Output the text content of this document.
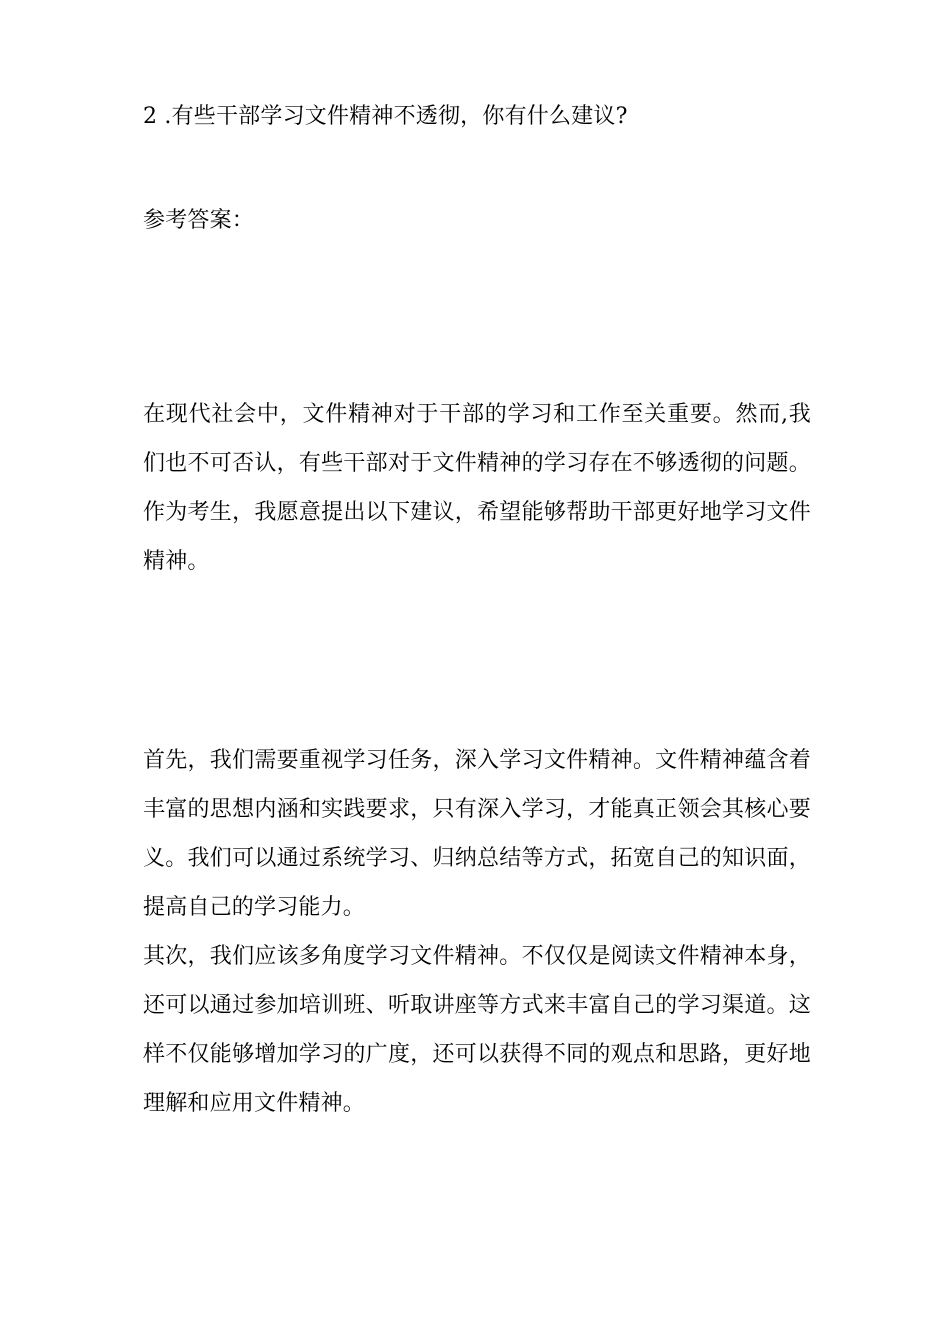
2 .有些干部学习文件精神不透彻，你有什么建议?
参考答案：
在现代社会中，文件精神对于干部的学习和工作至关重要。然而,我们也不可否认，有些干部对于文件精神的学习存在不够透彻的问题。作为考生，我愿意提出以下建议，希望能够帮助干部更好地学习文件精神。
首先，我们需要重视学习任务，深入学习文件精神。文件精神蕴含着丰富的思想内涵和实践要求，只有深入学习，才能真正领会其核心要义。我们可以通过系统学习、归纳总结等方式，拓宽自己的知识面，提高自己的学习能力。
其次，我们应该多角度学习文件精神。不仅仅是阅读文件精神本身，还可以通过参加培训班、听取讲座等方式来丰富自己的学习渠道。这样不仅能够增加学习的广度，还可以获得不同的观点和思路，更好地理解和应用文件精神。
